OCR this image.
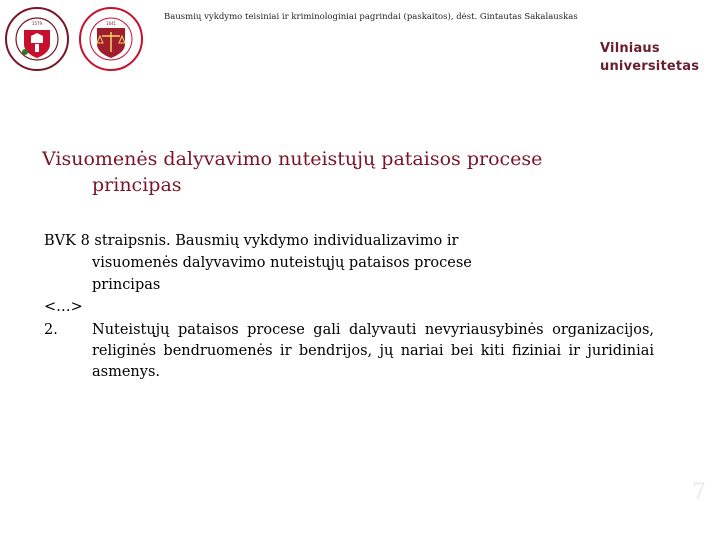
1579	1641
Bausmių vykdymo teisiniai ir kriminologiniai pagrindai (paskaitos), dėst. Gintautas Sakalauskas
Vilniaus
universitetas
Visuomenės dalyvavimo nuteistųjų pataisos procese
principas
BVK 8 straipsnis. Bausmių vykdymo individualizavimo ir
visuomenės dalyvavimo nuteistųjų pataisos procese
principas
<…>
2. Nuteistųjų pataisos procese gali dalyvauti nevyriausybinės organizacijos, religinės bendruomenės ir bendrijos, jų nariai bei kiti fiziniai ir juridiniai asmenys.
7
